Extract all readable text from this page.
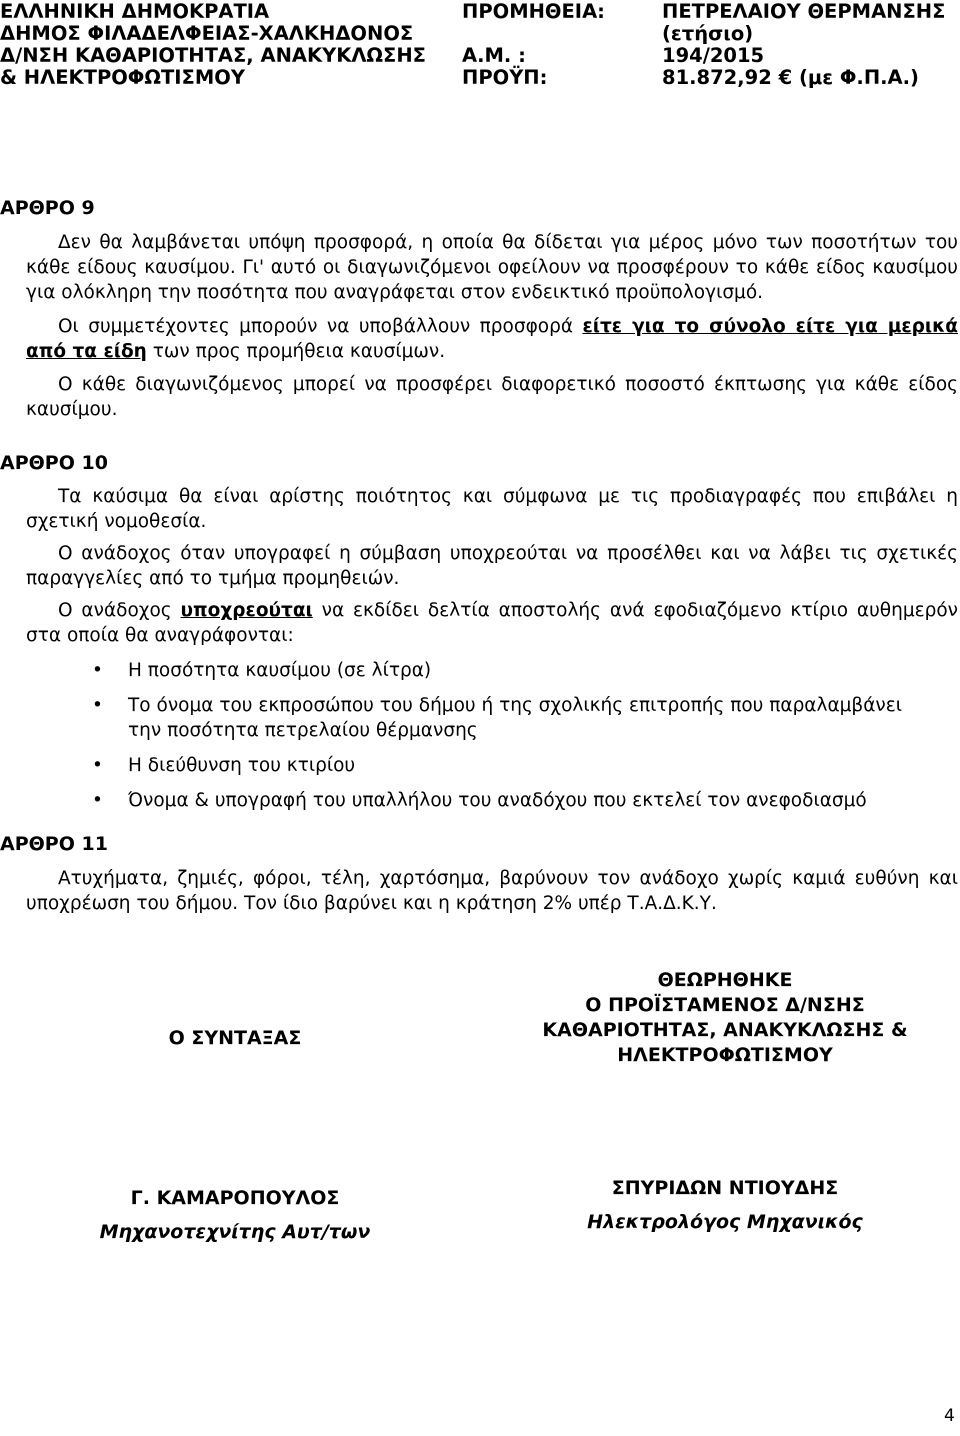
ΕΛΛΗΝΙΚΗ ΔΗΜΟΚΡΑΤΙΑ
ΔΗΜΟΣ ΦΙΛΑΔΕΛΦΕΙΑΣ-ΧΑΛΚΗΔΟΝΟΣ
Δ/ΝΣΗ ΚΑΘΑΡΙΟΤΗΤΑΣ, ΑΝΑΚΥΚΛΩΣΗΣ
& ΗΛΕΚΤΡΟΦΩΤΙΣΜΟΥ
ΠΡΟΜΗΘΕΙΑ:
Α.Μ. :
ΠΡΟΫΠ:
ΠΕΤΡΕΛΑΙΟΥ ΘΕΡΜΑΝΣΗΣ
(ετήσιο)
194/2015
81.872,92 € (με Φ.Π.Α.)
ΑΡΘΡΟ 9
Δεν θα λαμβάνεται υπόψη προσφορά, η οποία θα δίδεται για μέρος μόνο των ποσοτήτων του κάθε είδους καυσίμου. Γι' αυτό οι διαγωνιζόμενοι οφείλουν να προσφέρουν το κάθε είδος καυσίμου για ολόκληρη την ποσότητα που αναγράφεται στον ενδεικτικό προϋπολογισμό.
Οι συμμετέχοντες μπορούν να υποβάλλουν προσφορά είτε για το σύνολο είτε για μερικά από τα είδη των προς προμήθεια καυσίμων.
Ο κάθε διαγωνιζόμενος μπορεί να προσφέρει διαφορετικό ποσοστό έκπτωσης για κάθε είδος καυσίμου.
ΑΡΘΡΟ 10
Τα καύσιμα θα είναι αρίστης ποιότητος και σύμφωνα με τις προδιαγραφές που επιβάλει η σχετική νομοθεσία.
Ο ανάδοχος όταν υπογραφεί η σύμβαση υποχρεούται να προσέλθει και να λάβει τις σχετικές παραγγελίες από το τμήμα προμηθειών.
Ο ανάδοχος υποχρεούται να εκδίδει δελτία αποστολής ανά εφοδιαζόμενο κτίριο αυθημερόν στα οποία θα αναγράφονται:
• Η ποσότητα καυσίμου (σε λίτρα)
• Το όνομα του εκπροσώπου του δήμου ή της σχολικής επιτροπής που παραλαμβάνει την ποσότητα πετρελαίου θέρμανσης
• Η διεύθυνση του κτιρίου
• Όνομα & υπογραφή του υπαλλήλου του αναδόχου που εκτελεί τον ανεφοδιασμό
ΑΡΘΡΟ 11
Ατυχήματα, ζημιές, φόροι, τέλη, χαρτόσημα, βαρύνουν τον ανάδοχο χωρίς καμιά ευθύνη και υποχρέωση του δήμου. Τον ίδιο βαρύνει και η κράτηση 2% υπέρ Τ.Α.Δ.Κ.Υ.
Ο ΣΥΝΤΑΞΑΣ
ΘΕΩΡΗΘΗΚΕ
Ο ΠΡΟΪΣΤΑΜΕΝΟΣ Δ/ΝΣΗΣ
ΚΑΘΑΡΙΟΤΗΤΑΣ, ΑΝΑΚΥΚΛΩΣΗΣ &
ΗΛΕΚΤΡΟΦΩΤΙΣΜΟΥ
Γ. ΚΑΜΑΡΟΠΟΥΛΟΣ
Μηχανοτεχνίτης Αυτ/των
ΣΠΥΡΙΔΩΝ ΝΤΙΟΥΔΗΣ
Ηλεκτρολόγος Μηχανικός
4
